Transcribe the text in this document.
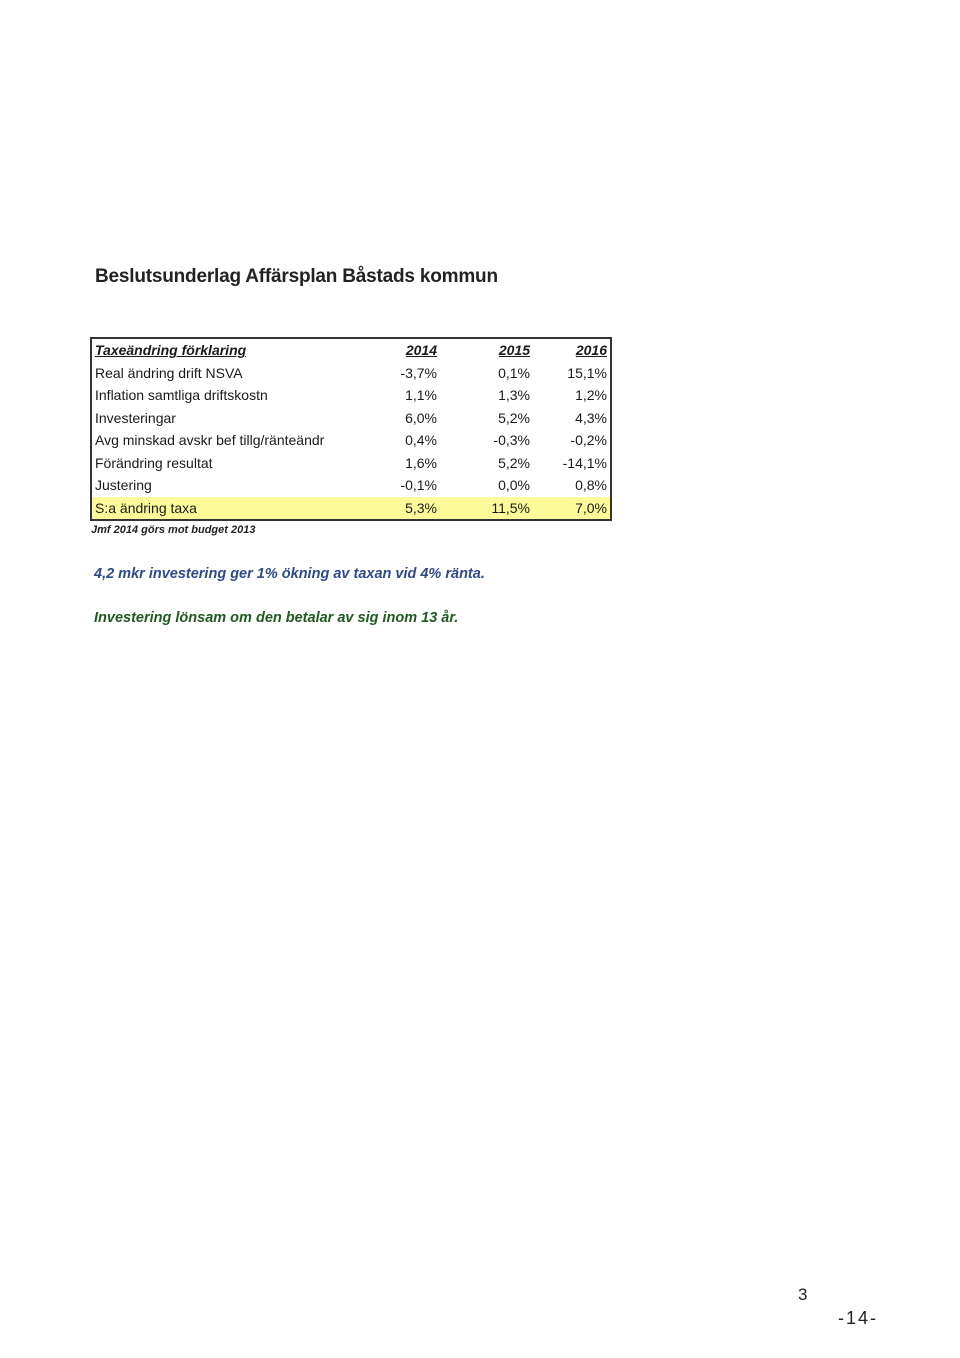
Beslutsunderlag Affärsplan Båstads kommun
Taxeändring förklaring	2014	2015	2016
Real ändring drift NSVA	-3,7%	0,1%	15,1%
Inflation samtliga driftskostn	1,1%	1,3%	1,2%
Investeringar	6,0%	5,2%	4,3%
Avg minskad avskr bef tillg/ränteändr	0,4%	-0,3%	-0,2%
Förändring resultat	1,6%	5,2%	-14,1%
Justering	-0,1%	0,0%	0,8%
S:a ändring taxa	5,3%	11,5%	7,0%
Jmf 2014 görs mot budget 2013
4,2 mkr investering ger 1% ökning av taxan vid 4% ränta.
Investering lönsam om den betalar av sig inom 13 år.
3
-14-
